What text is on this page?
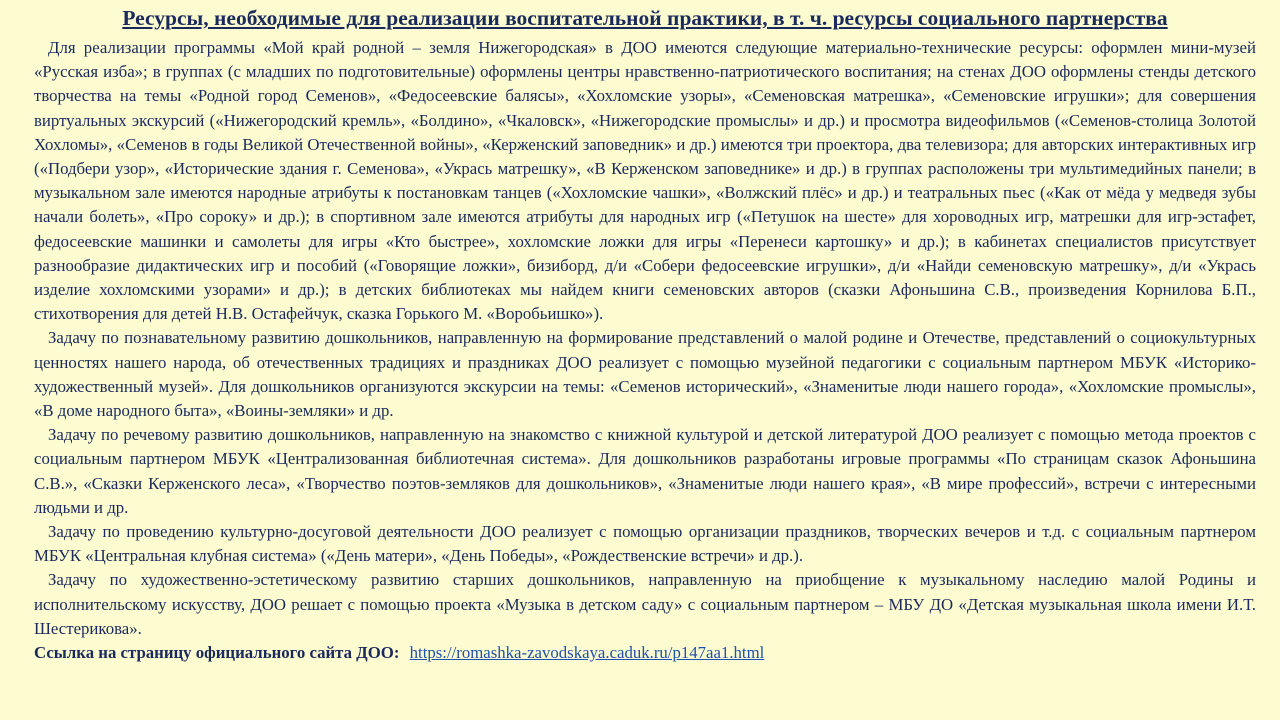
Ресурсы, необходимые для реализации воспитательной практики, в т. ч. ресурсы социального партнерства

Для реализации программы «Мой край родной – земля Нижегородская» в ДОО имеются следующие материально-технические ресурсы: оформлен мини-музей «Русская изба»; в группах (с младших по подготовительные) оформлены центры нравственно-патриотического воспитания; на стенах ДОО оформлены стенды детского творчества на темы «Родной город Семенов», «Федосеевские балясы», «Хохломские узоры», «Семеновская матрешка», «Семеновские игрушки»; для совершения виртуальных экскурсий («Нижегородский кремль», «Болдино», «Чкаловск», «Нижегородские промыслы» и др.) и просмотра видеофильмов («Семенов-столица Золотой Хохломы», «Семенов в годы Великой Отечественной войны», «Керженский заповедник» и др.) имеются три проектора, два телевизора; для авторских интерактивных игр («Подбери узор», «Исторические здания г. Семенова», «Укрась матрешку», «В Керженском заповеднике» и др.) в группах расположены три мультимедийных панели; в музыкальном зале имеются народные атрибуты к постановкам танцев («Хохломские чашки», «Волжский плёс» и др.) и театральных пьес («Как от мёда у медведя зубы начали болеть», «Про сороку» и др.); в спортивном зале имеются атрибуты для народных игр («Петушок на шесте» для хороводных игр, матрешки для игр-эстафет, федосеевские машинки и самолеты для игры «Кто быстрее», хохломские ложки для игры «Перенеси картошку» и др.); в кабинетах специалистов присутствует разнообразие дидактических игр и пособий («Говорящие ложки», бизиборд, д/и «Собери федосеевские игрушки», д/и «Найди семеновскую матрешку», д/и «Укрась изделие хохломскими узорами» и др.); в детских библиотеках мы найдем книги семеновских авторов (сказки Афоньшина С.В., произведения Корнилова Б.П., стихотворения для детей Н.В. Остафейчук, сказка Горького М. «Воробьишко»).

Задачу по познавательному развитию дошкольников, направленную на формирование представлений о малой родине и Отечестве, представлений о социокультурных ценностях нашего народа, об отечественных традициях и праздниках ДОО реализует с помощью музейной педагогики с социальным партнером МБУК «Историко-художественный музей». Для дошкольников организуются экскурсии на темы: «Семенов исторический», «Знаменитые люди нашего города», «Хохломские промыслы», «В доме народного быта», «Воины-земляки» и др.

Задачу по речевому развитию дошкольников, направленную на знакомство с книжной культурой и детской литературой ДОО реализует с помощью метода проектов с социальным партнером МБУК «Централизованная библиотечная система». Для дошкольников разработаны игровые программы «По страницам сказок Афоньшина С.В.», «Сказки Керженского леса», «Творчество поэтов-земляков для дошкольников», «Знаменитые люди нашего края», «В мире профессий», встречи с интересными людьми и др.

Задачу по проведению культурно-досуговой деятельности ДОО реализует с помощью организации праздников, творческих вечеров и т.д. с социальным партнером МБУК «Центральная клубная система» («День матери», «День Победы», «Рождественские встречи» и др.).

Задачу по художественно-эстетическому развитию старших дошкольников, направленную на приобщение к музыкальному наследию малой Родины и исполнительскому искусству, ДОО решает с помощью проекта «Музыка в детском саду» с социальным партнером – МБУ ДО «Детская музыкальная школа имени И.Т. Шестерикова».

Ссылка на страницу официального сайта ДОО: https://romashka-zavodskaya.caduk.ru/p147aa1.html
